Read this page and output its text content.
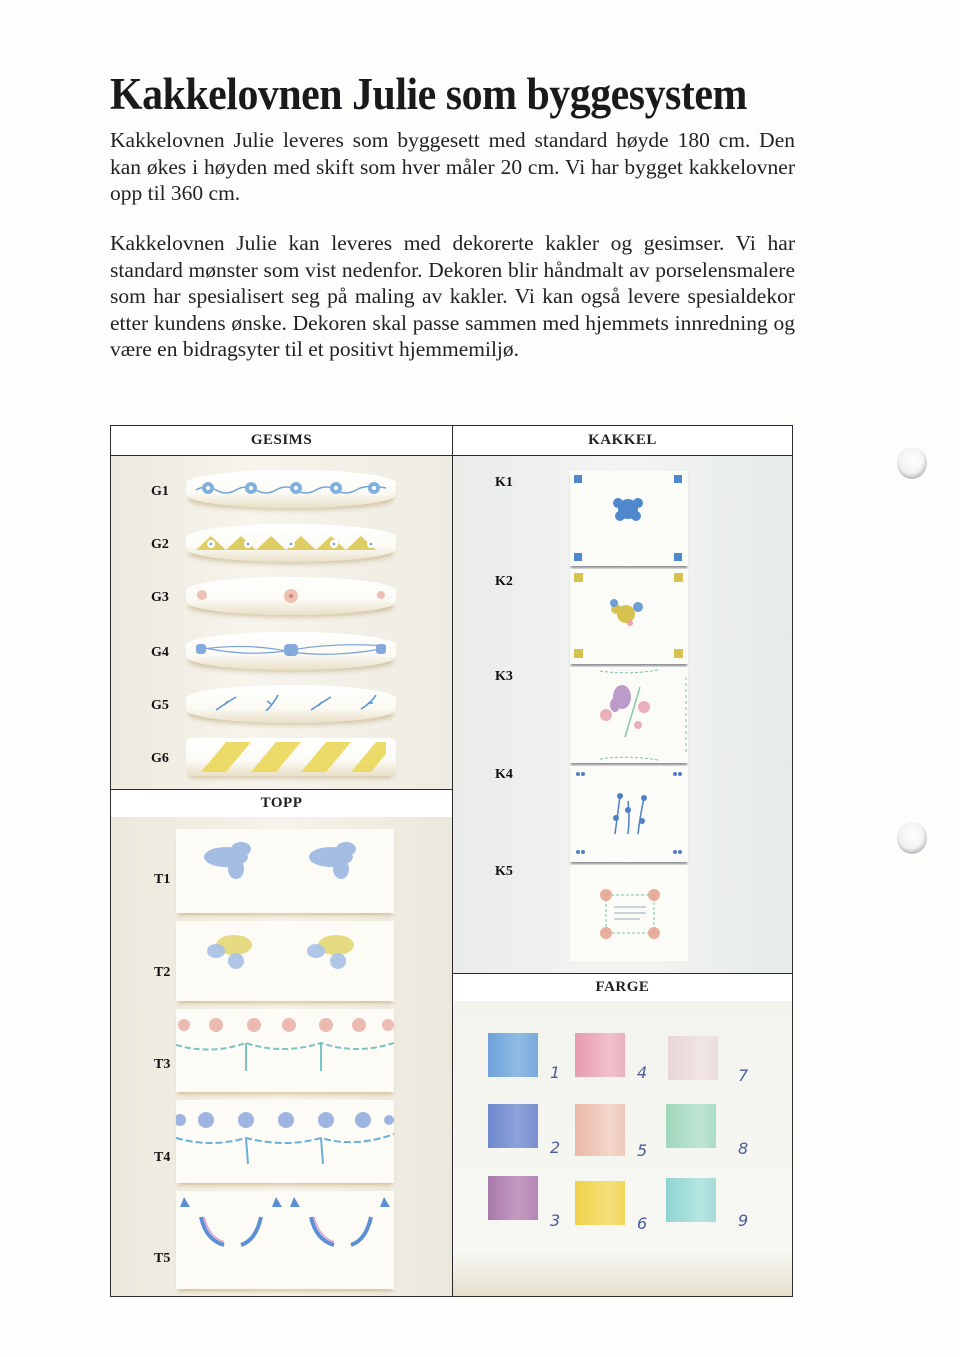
Kakkelovnen Julie som byggesystem

Kakkelovnen Julie leveres som byggesett med standard høyde 180 cm. Den kan økes i høyden med skift som hver måler 20 cm. Vi har bygget kakkelovner opp til 360 cm.

Kakkelovnen Julie kan leveres med dekorerte kakler og gesimser. Vi har standard mønster som vist nedenfor. Dekoren blir håndmalt av porselensmalere som har spesialisert seg på maling av kakler. Vi kan også levere spesialdekor etter kundens ønske. Dekoren skal passe sammen med hjemmets innredning og være en bidragsyter til et positivt hjemmemiljø.

GESIMS
G1
G2
G3
G4
G5
G6
TOPP
T1
T2
T3
T4
T5
KAKKEL
K1
K2
K3
K4
K5
FARGE
1
2
3
4
5
6
7
8
9
